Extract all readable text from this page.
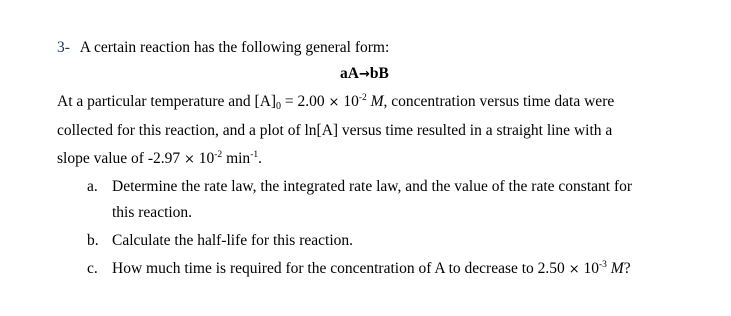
3- A certain reaction has the following general form:
aA→bB
At a particular temperature and $[A]_0 = 2.00 \times 10^{-2}$ M, concentration versus time data were
collected for this reaction, and a plot of ln[A] versus time resulted in a straight line with a
slope value of $-2.97 \times 10^{-2}$ $\min^{-1}$.
a. Determine the rate law, the integrated rate law, and the value of the rate constant for
this reaction.
b. Calculate the half-life for this reaction.
c. How much time is required for the concentration of A to decrease to $2.50 \times 10^{-3}$ M?
